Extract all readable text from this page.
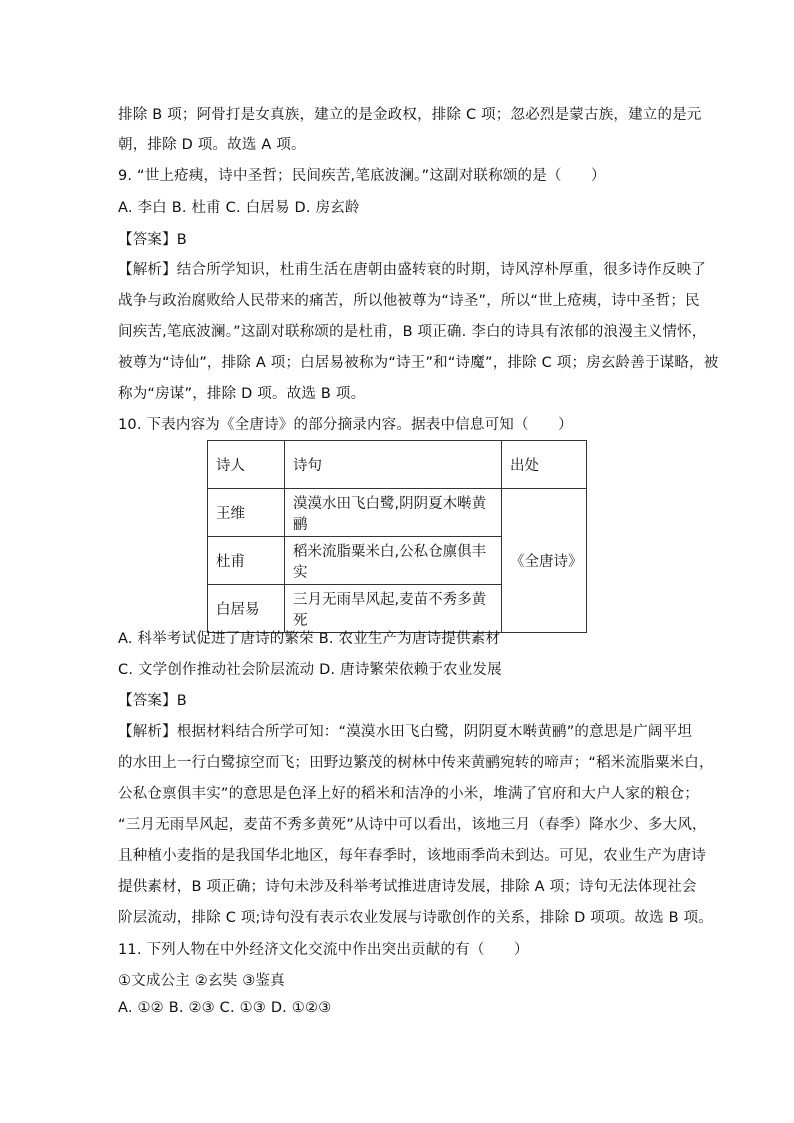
排除 B 项；阿骨打是女真族，建立的是金政权，排除 C 项；忽必烈是蒙古族，建立的是元
朝，排除 D 项。故选 A 项。
9. “世上疮痍，诗中圣哲；民间疾苦,笔底波澜。”这副对联称颂的是（　　）
A. 李白 B. 杜甫 C. 白居易 D. 房玄龄
【答案】B
【解析】结合所学知识，杜甫生活在唐朝由盛转衰的时期，诗风淳朴厚重，很多诗作反映了
战争与政治腐败给人民带来的痛苦，所以他被尊为“诗圣”，所以“世上疮痍，诗中圣哲；民
间疾苦,笔底波澜。”这副对联称颂的是杜甫，B 项正确. 李白的诗具有浓郁的浪漫主义情怀，
被尊为“诗仙”，排除 A 项；白居易被称为“诗王”和“诗魔”，排除 C 项；房玄龄善于谋略，被
称为“房谋”，排除 D 项。故选 B 项。
10. 下表内容为《全唐诗》的部分摘录内容。据表中信息可知（　　）
诗人	诗句	出处
王维	漠漠水田飞白鹭,阴阴夏木啭黄鹂	《全唐诗》
杜甫	稻米流脂粟米白,公私仓廪俱丰实	
白居易	三月无雨旱风起,麦苗不秀多黄死	
A. 科举考试促进了唐诗的繁荣 B. 农业生产为唐诗提供素材
C. 文学创作推动社会阶层流动 D. 唐诗繁荣依赖于农业发展
【答案】B
【解析】根据材料结合所学可知：“漠漠水田飞白鹭，阴阴夏木啭黄鹂”的意思是广阔平坦
的水田上一行白鹭掠空而飞；田野边繁茂的树林中传来黄鹂宛转的啼声；“稻米流脂粟米白，
公私仓禀俱丰实”的意思是色泽上好的稻米和洁净的小米，堆满了官府和大户人家的粮仓；
“三月无雨旱风起，麦苗不秀多黄死”从诗中可以看出，该地三月（春季）降水少、多大风，
且种植小麦指的是我国华北地区，每年春季时，该地雨季尚未到达。可见，农业生产为唐诗
提供素材，B 项正确；诗句未涉及科举考试推进唐诗发展，排除 A 项；诗句无法体现社会
阶层流动，排除 C 项;诗句没有表示农业发展与诗歌创作的关系，排除 D 项项。故选 B 项。
11. 下列人物在中外经济文化交流中作出突出贡献的有（　　）
①文成公主 ②玄奘 ③鉴真
A. ①② B. ②③ C. ①③ D. ①②③
